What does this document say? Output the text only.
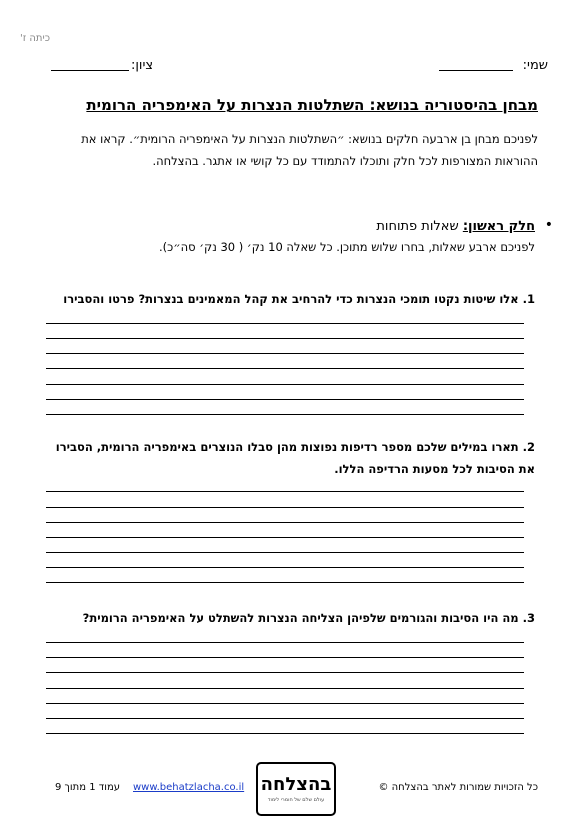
כיתה ז'
שמי:
ציון:
מבחן בהיסטוריה בנושא: השתלטות הנצרות על האימפריה הרומית
לפניכם מבחן בן ארבעה חלקים בנושא: ״השתלטות הנצרות על האימפריה הרומית״. קראו את ההוראות המצורפות לכל חלק ותוכלו להתמודד עם כל קושי או אתגר. בהצלחה.
•
חלק ראשון: שאלות פתוחות
לפניכם ארבע שאלות, בחרו שלוש מתוכן. כל שאלה 10 נק׳ ( 30 נק׳ סה״כ).
1. אלו שיטות נקטו תומכי הנצרות כדי להרחיב את קהל המאמינים בנצרות? פרטו והסבירו
2. תארו במילים שלכם מספר רדיפות נפוצות מהן סבלו הנוצרים באימפריה הרומית, הסבירו את הסיבות לכל מסעות הרדיפה הללו.
3. מה היו הסיבות והגורמים שלפיהן הצליחה הנצרות להשתלט על האימפריה הרומית?
כל הזכויות שמורות לאתר בהצלחה ©
בהצלחה
עולם שלם של חומרי לימוד
www.behatzlacha.co.il
עמוד 1 מתוך 9
